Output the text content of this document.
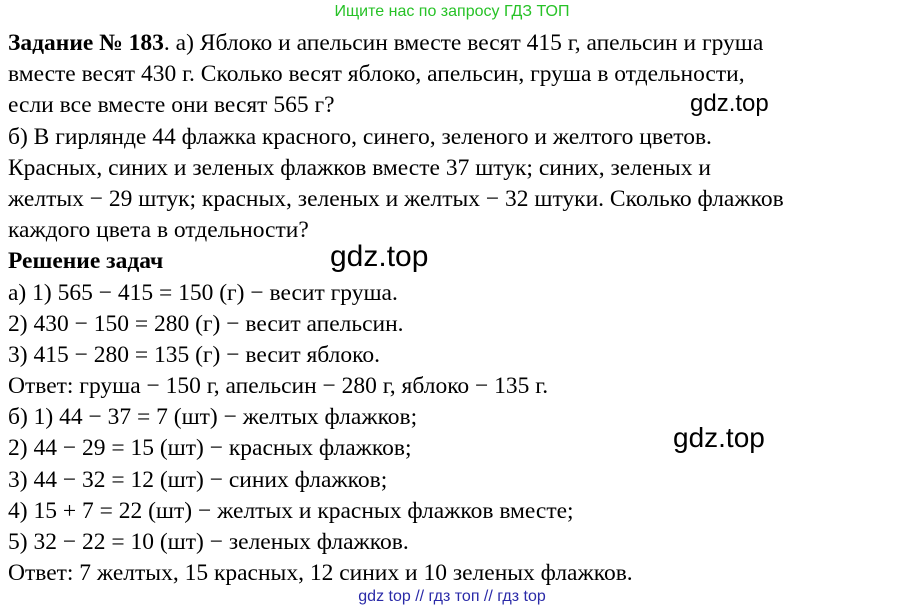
Ищите нас по запросу ГДЗ ТОП
Задание № 183. а) Яблоко и апельсин вместе весят 415 г, апельсин и груша
вместе весят 430 г. Сколько весят яблоко, апельсин, груша в отдельности,
если все вместе они весят 565 г?
б) В гирлянде 44 флажка красного, синего, зеленого и желтого цветов.
Красных, синих и зеленых флажков вместе 37 штук; синих, зеленых и
желтых − 29 штук; красных, зеленых и желтых − 32 штуки. Сколько флажков
каждого цвета в отдельности?
Решение задач
а) 1) 565 − 415 = 150 (г) − весит груша.
2) 430 − 150 = 280 (г) − весит апельсин.
3) 415 − 280 = 135 (г) − весит яблоко.
Ответ: груша − 150 г, апельсин − 280 г, яблоко − 135 г.
б) 1) 44 − 37 = 7 (шт) − желтых флажков;
2) 44 − 29 = 15 (шт) − красных флажков;
3) 44 − 32 = 12 (шт) − синих флажков;
4) 15 + 7 = 22 (шт) − желтых и красных флажков вместе;
5) 32 − 22 = 10 (шт) − зеленых флажков.
Ответ: 7 желтых, 15 красных, 12 синих и 10 зеленых флажков.
gdz.top
gdz.top
gdz.top
gdz top // гдз топ // гдз top
